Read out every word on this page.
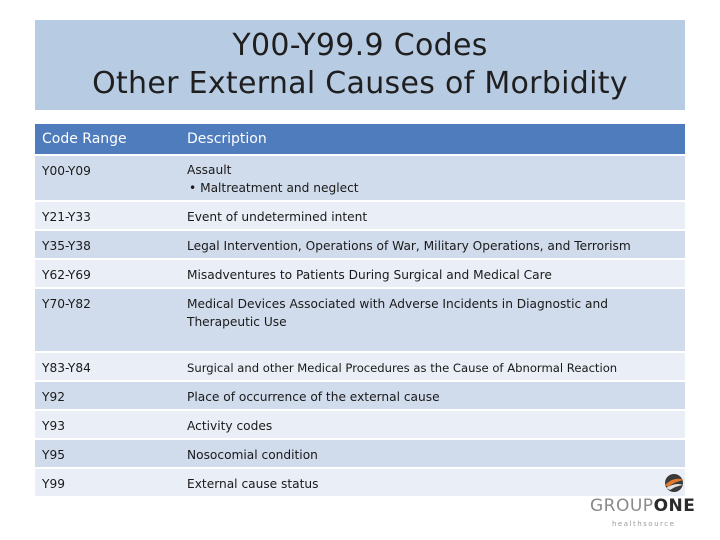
Y00-Y99.9 Codes
Other External Causes of Morbidity
Code Range	Description
Y00-Y09	Assault
• Maltreatment and neglect

Y21-Y33	Event of undetermined intent
Y35-Y38	Legal Intervention, Operations of War, Military Operations, and Terrorism
Y62-Y69	Misadventures to Patients During Surgical and Medical Care
Y70-Y82	Medical Devices Associated with Adverse Incidents in Diagnostic and Therapeutic Use
Y83-Y84	Surgical and other Medical Procedures as the Cause of Abnormal Reaction
Y92	Place of occurrence of the external cause
Y93	Activity codes
Y95	Nosocomial condition
Y99	External cause status
GROUPONE
healthsource
